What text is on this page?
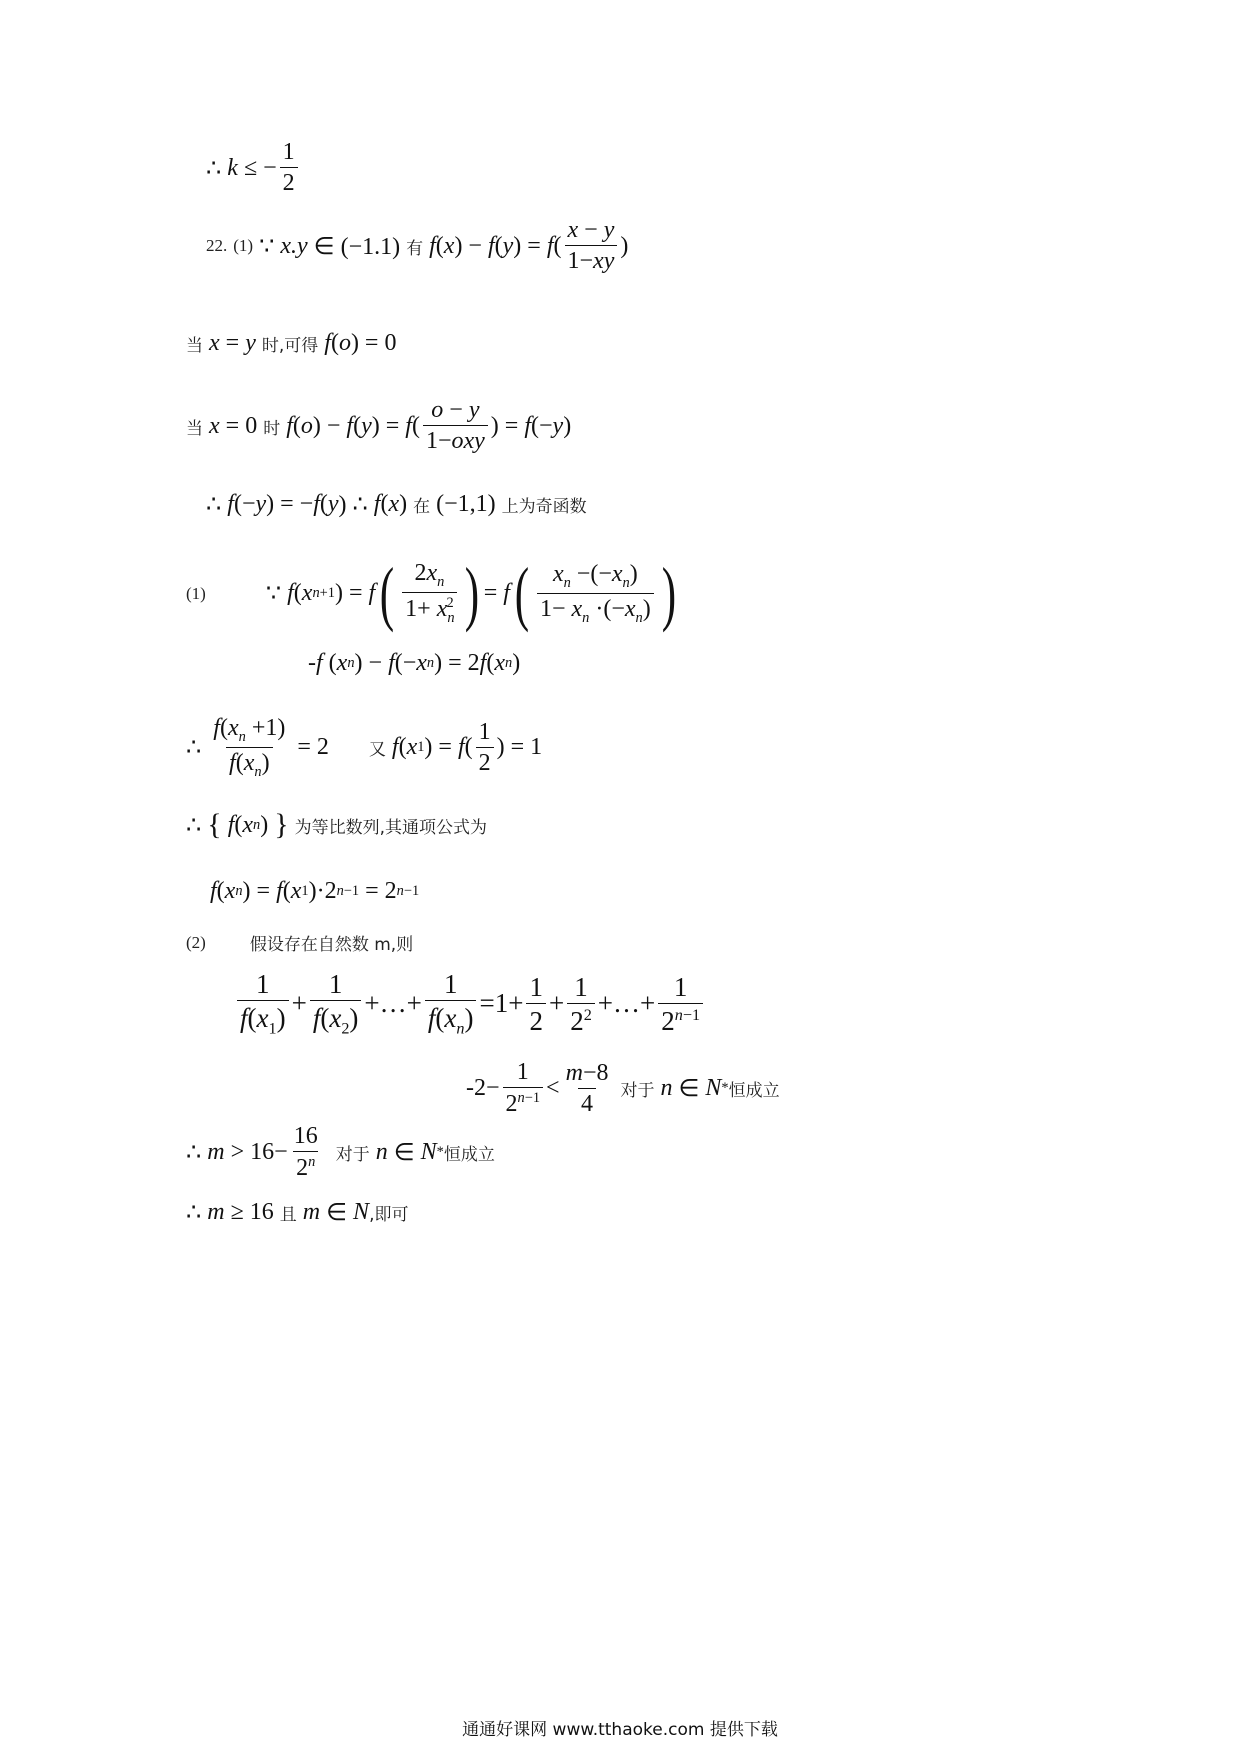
∴ k ≤ − $\frac{1}{2}$
22. (1) ∵ x.y ∈ (−1.1) 有 f ( x ) − f ( y ) = f ( $\frac{x - y}{1-xy}$ )
当 x = y 时, 可得 f ( o ) = 0
当 x = 0 时 f ( o ) − f ( y ) = f ( $\frac{o - y}{\text{1−oxy}}$ ) = f (− y )
∴ f (− y ) = − f ( y ) ∴ f ( x ) 在 (−1,1) 上为奇函数
(1)	∵ f ( x n+1 ) = f ( $\frac{2x_n}{1+ x_n^2}$ ) = f ( $\frac{x_n -(-x_n)}{1- x_n \cdot(-x_n)}$ )
- f ( x n ) − f (− x n ) = 2 f ( x n )
∴ $\frac{f(x_n +1)}{f(x_n)} = 2$ 又 f ( x 1 ) = f ( $\frac{1}{2}$ ) = 1
∴ { f ( x n )
}
为等比数列,其通项公式为
f ( x n ) = f ( x 1 )·2 n−1 = 2 n−1
(2)	假设存在自然数 m,则
$\frac{1}{f(x_1)} + \frac{1}{f(x_2)}$ +…+ $\frac{1}{f(x_n)} =1+ \frac{1}{2} + \frac{1}{2^2}$ +…+ $\frac{1}{2^{n-1}}$
$-2- \frac{1}{2^{n-1}} < \frac{m-8}{4}$
对于 n ∈ N * 恒成立
∴ $m > 16- \frac{16}{2^n}$
对于 n ∈ N * 恒成立
∴ m ≥ 16 且 m ∈ N ,即可
通通好课网 www.tthaoke.com 提供下载
